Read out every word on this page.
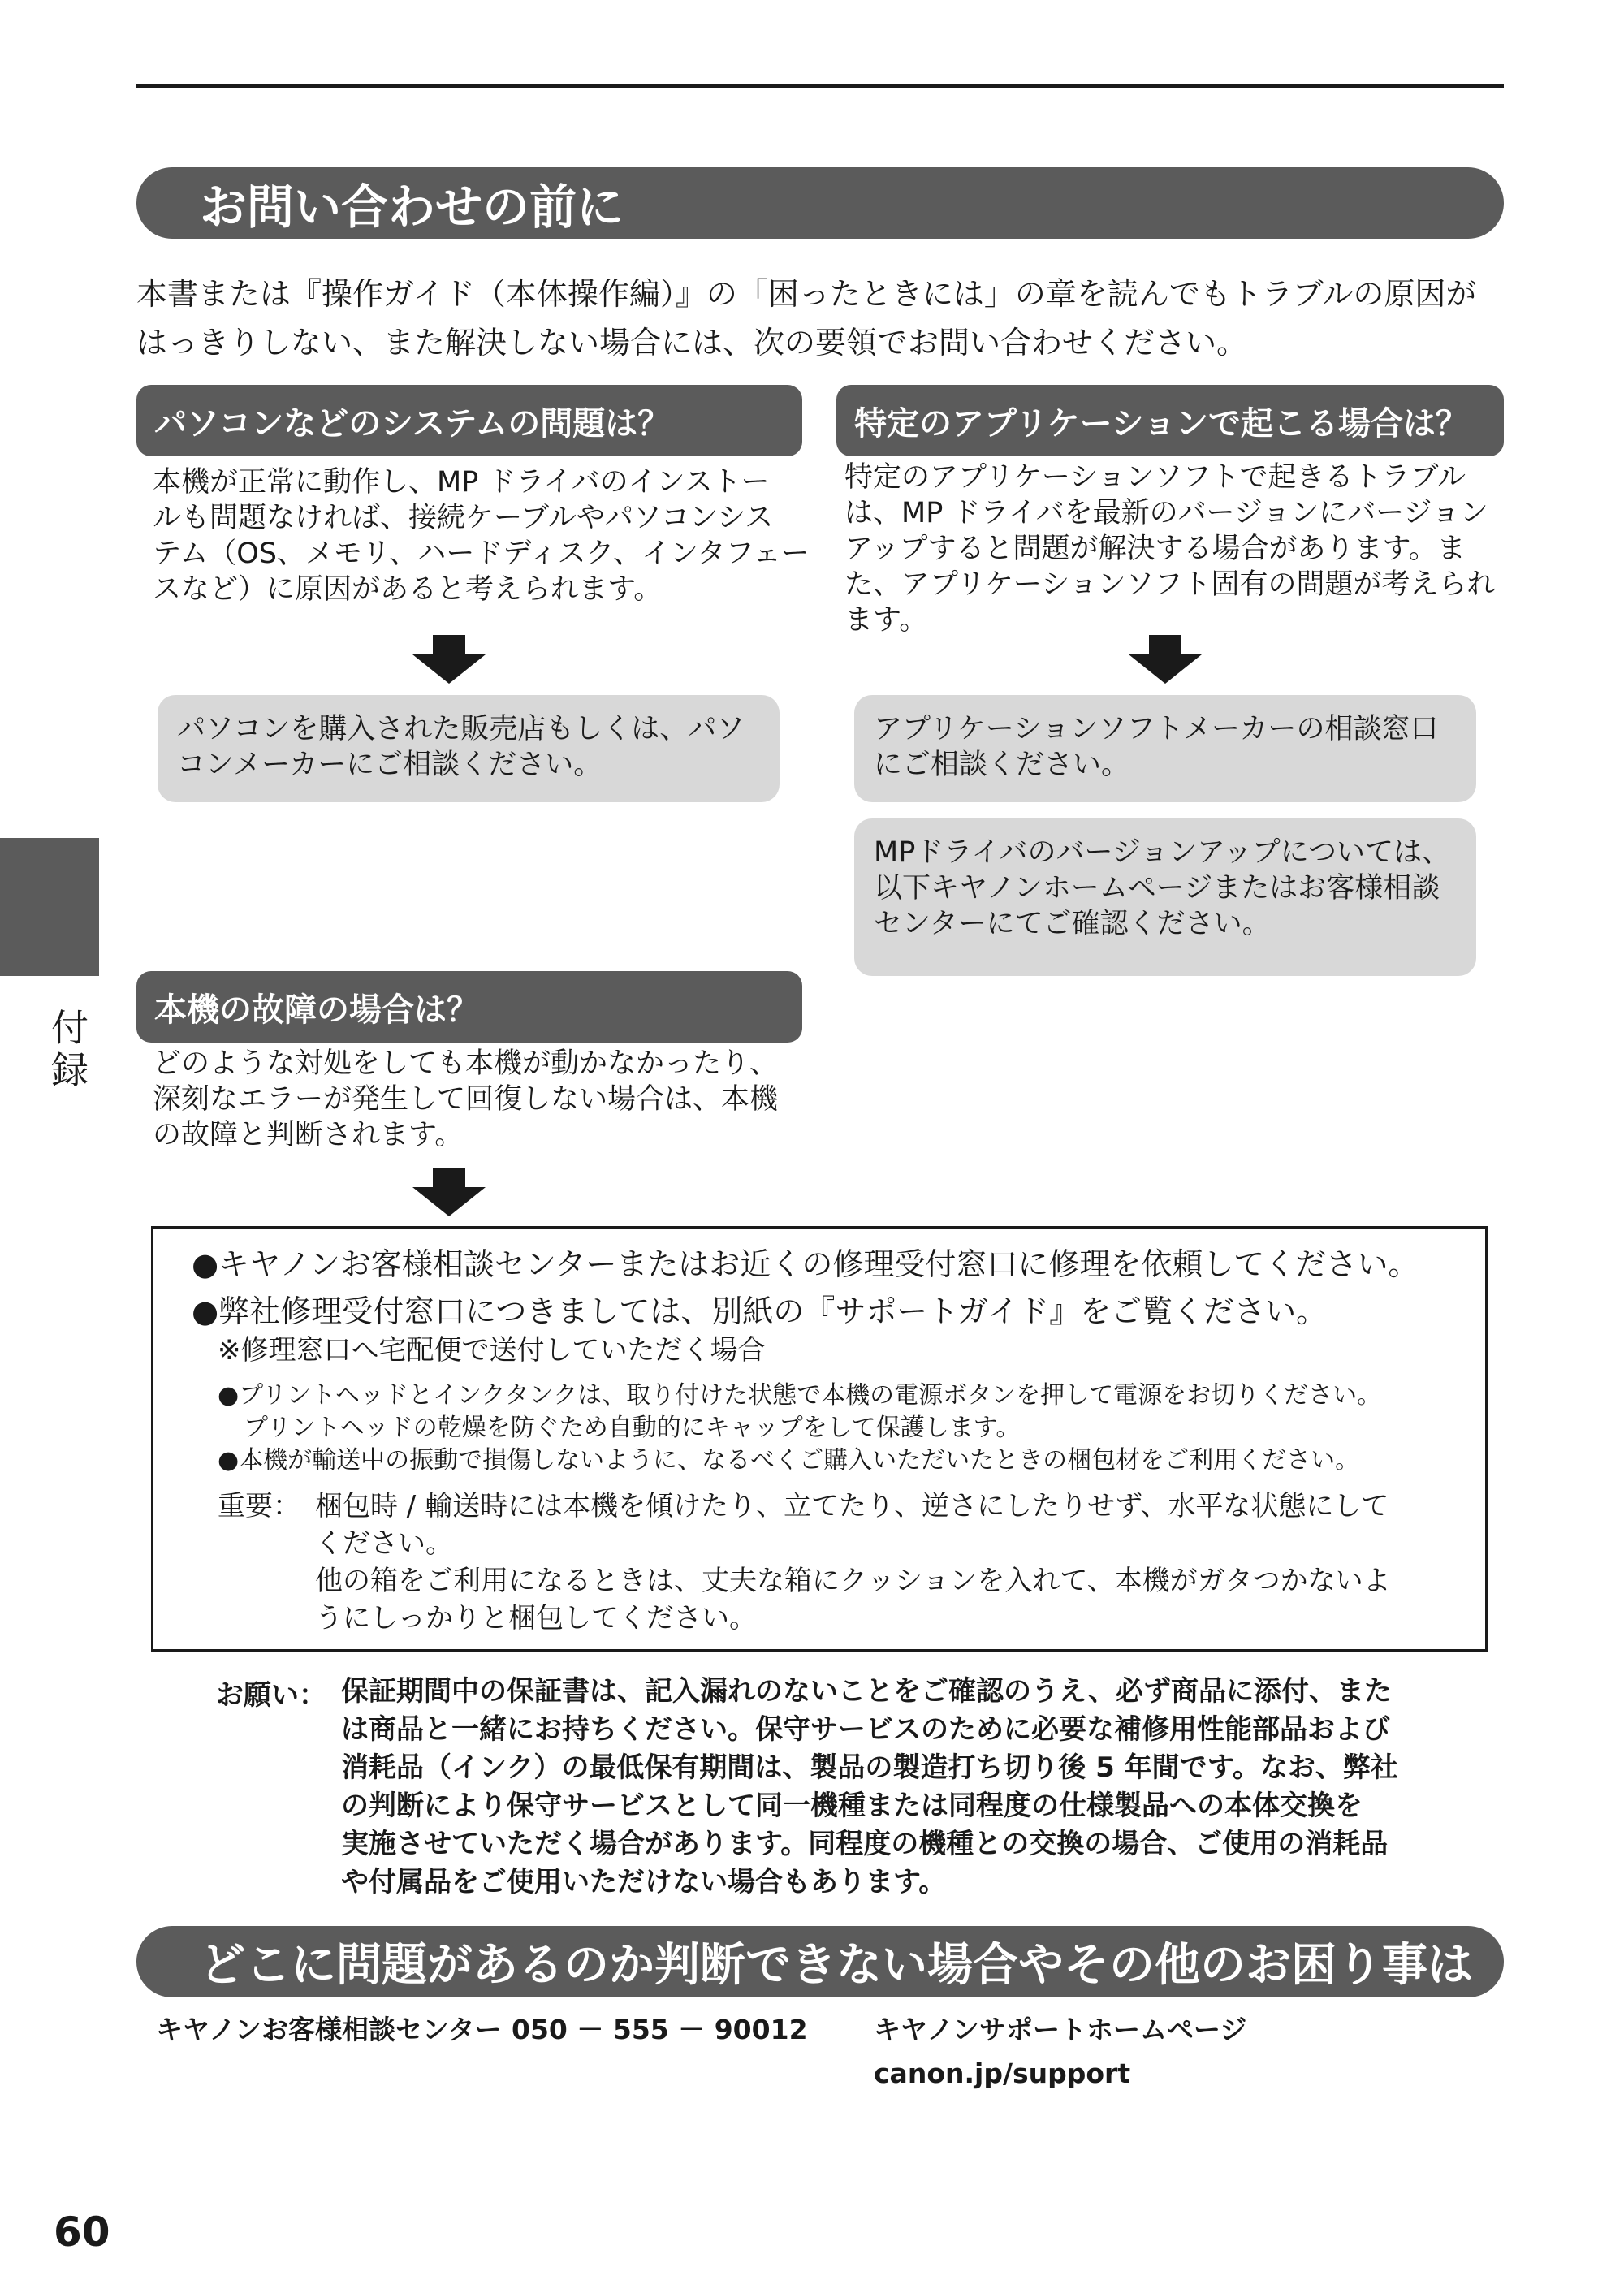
お問い合わせの前に
本書または『操作ガイド（本体操作編）』の「困ったときには」の章を読んでもトラブルの原因が
はっきりしない、また解決しない場合には、次の要領でお問い合わせください。
パソコンなどのシステムの問題は？
本機が正常に動作し、MP ドライバのインストー
ルも問題なければ、接続ケーブルやパソコンシス
テム（OS、メモリ、ハードディスク、インタフェー
スなど）に原因があると考えられます。
パソコンを購入された販売店もしくは、パソ
コンメーカーにご相談ください。
特定のアプリケーションで起こる場合は？
特定のアプリケーションソフトで起きるトラブル
は、MP ドライバを最新のバージョンにバージョン
アップすると問題が解決する場合があります。ま
た、アプリケーションソフト固有の問題が考えられ
ます。
アプリケーションソフトメーカーの相談窓口
にご相談ください。
MPドライバのバージョンアップについては、
以下キヤノンホームページまたはお客様相談
センターにてご確認ください。
本機の故障の場合は？
どのような対処をしても本機が動かなかったり、
深刻なエラーが発生して回復しない場合は、本機
の故障と判断されます。
●キヤノンお客様相談センターまたはお近くの修理受付窓口に修理を依頼してください。
●弊社修理受付窓口につきましては、別紙の『サポートガイド』をご覧ください。
※修理窓口へ宅配便で送付していただく場合
●プリントヘッドとインクタンクは、取り付けた状態で本機の電源ボタンを押して電源をお切りください。
プリントヘッドの乾燥を防ぐため自動的にキャップをして保護します。
●本機が輸送中の振動で損傷しないように、なるべくご購入いただいたときの梱包材をご利用ください。
重要： 梱包時 / 輸送時には本機を傾けたり、立てたり、逆さにしたりせず、水平な状態にして
ください。
他の箱をご利用になるときは、丈夫な箱にクッションを入れて、本機がガタつかないよ
うにしっかりと梱包してください。
お願い： 保証期間中の保証書は、記入漏れのないことをご確認のうえ、必ず商品に添付、また
は商品と一緒にお持ちください。保守サービスのために必要な補修用性能部品および
消耗品（インク）の最低保有期間は、製品の製造打ち切り後 5 年間です。なお、弊社
の判断により保守サービスとして同一機種または同程度の仕様製品への本体交換を
実施させていただく場合があります。同程度の機種との交換の場合、ご使用の消耗品
や付属品をご使用いただけない場合もあります。
どこに問題があるのか判断できない場合やその他のお困り事は
キヤノンお客様相談センター 050 － 555 － 90012 キヤノンサポートホームページ
canon.jp/support
付
録
60
